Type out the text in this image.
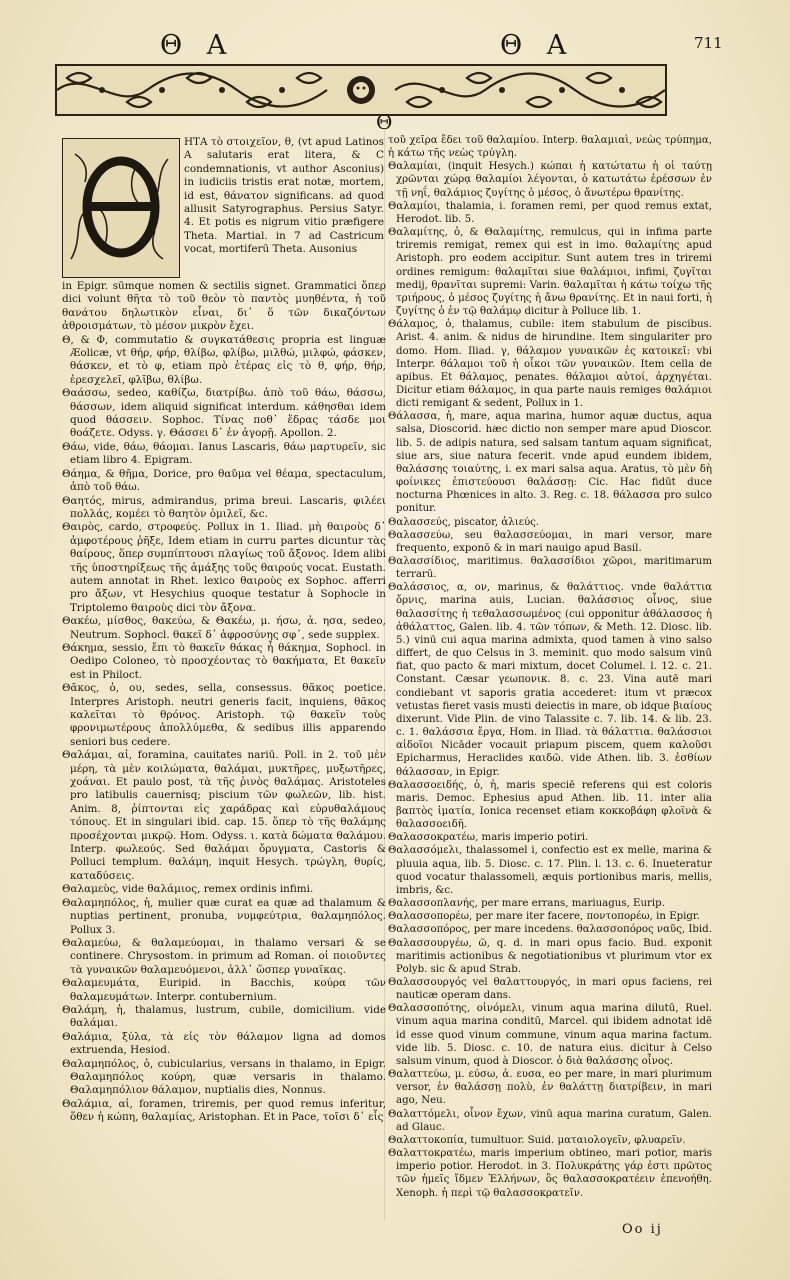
Θ Α	Θ Α	711
Θ
ΗΤΑ τὸ στοιχεῖον, θ, (vt apud Latinos A salutaris erat litera, & C condemnationis, vt author Asconius) in iudiciis tristis erat notæ, mortem, id est, θάνατον significans. ad quod allusit Satyrographus. Persius Satyr. 4. Et potis es nigrum vitio præfigere Theta. Martial. in 7 ad Castricum vocat, mortiferū Theta. Ausonius

in Epigr. sūmque nomen & sectilis signet. Grammatici ὅπερ dici volunt θῆτα τὸ τοῦ θεὸν τὸ παντὸς μυηθέντα, ἡ τοῦ θανάτου δηλωτικὸν εἶναι, δι᾽ ὅ τῶν δικαζόντων ἀθροισμάτων, τὸ μέσον μικρὸν ἔχει.

Θ, & Φ, commutatio & συγκατάθεσις propria est linguæ Æolicæ, vt θήρ, φήρ, θλίβω, φλίβω, μιλθώ, μιλφώ, φάσκεν, θάσκεν, et τὸ φ, etiam πρὸ ἑτέρας εἰς τὸ θ, φήρ, θήρ, ἐρεσχελεῖ, φλῖβω, θλίβω.

Θαάσσω, sedeo, καθίζω, διατρίβω. ἀπὸ τοῦ θάω, θάσσω, θάσσων, idem aliquid significat interdum. κάθησθαι idem quod θάσσειν. Sophoc. Τίνας ποθ᾽ ἕδρας τάσδε μοι θοάζετε. Odyss. γ. Θάσσει δ᾽ ἐν ἀγορῇ. Apollon. 2.

Θάω, vide, θάω, θάομαι. Ianus Lascaris, θάω μαρτυρεῖν, sic etiam libro 4. Epigram.

Θάημα, & θῆμα, Dorice, pro θαῦμα vel θέαμα, spectaculum, ἀπὸ τοῦ θάω.

Θαητός, mirus, admirandus, prima breui. Lascaris, φιλέει πολλάς, κομέει τὸ θαητὸν ὁμιλεῖ, &c.

Θαιρὸς, cardo, στροφεύς. Pollux in 1. Iliad. μὴ θαιροὺς δ᾽ ἀμφοτέρους ῥῆξε, Idem etiam in curru partes dicuntur τὰς θαίρους, ὅπερ συμπίπτουσι πλαγίως τοῦ ἄξονος. Idem alibi τῆς ὑποστηρίξεως τῆς ἁμάξης τοῦς θαιρούς vocat. Eustath. autem annotat in Rhet. lexico θαιροὺς ex Sophoc. afferri pro ἄξων, vt Hesychius quoque testatur à Sophocle in Triptolemo θαιροὺς dici τὸν ἄξονα.

Θακέω, μίσθος, θακεύω, & Θακέω, μ. ήσω, ἀ. ησα, sedeo, Neutrum. Sophocl. θακεῖ δ᾽ ἀφροσύνης σφ᾽, sede supplex.

Θάκημα, sessio, ἔπι τὸ θακεῖν θάκας ἦ θάκημα, Sophocl. in Oedipo Coloneo, τὸ προσχέοντας τὸ θακήματα, Et θακεῖν est in Philoct.

Θᾶκος, ὁ, ου, sedes, sella, consessus. θᾶκος poetice. Interpres Aristoph. neutri generis facit, inquiens, θᾶκος καλεῖται τὸ θρόνος. Aristoph. τῷ θακεῖν τοὺς φρονιμωτέρους ἀπολλύμεθα, & sedibus illis apparendo seniori bus cedere.

Θαλάμαι, αἱ, foramina, cauitates nariū. Poll. in 2. τοῦ μὲν μέρη, τὰ μὲν κοιλώματα, θαλάμαι, μυκτῆρες, μυξωτῆρες, χοάναι. Et paulo post, τὰ τῆς ῥινὸς θαλάμας. Aristoteles pro latibulis cauernisq; piscium τῶν φωλεῶν, lib. hist. Anim. 8, ῥίπτονται εἰς χαράδρας καὶ εὐρυθαλάμους τόπους. Et in singulari ibid. cap. 15. ὅπερ τὸ τῆς θαλάμης προσέχονται μικρῷ. Hom. Odyss. ι. κατὰ δώματα θαλάμου. Interp. φωλεούς. Sed θαλάμαι ὄρυγματα, Castoris & Polluci templum. θαλάμη, inquit Hesych. τρώγλη, θυρίς, καταδύσεις.

Θαλαμεὺς, vide θαλάμιος, remex ordinis infimi.

Θαλαμηπόλος, ἡ, mulier quæ curat ea quæ ad thalamum & nuptias pertinent, pronuba, νυμφεύτρια, θαλαμηπόλος. Pollux 3.

Θαλαμεύω, & θαλαμεύομαι, in thalamo versari & se continere. Chrysostom. in primum ad Roman. οἱ ποιοῦντες τὰ γυναικῶν θαλαμευόμενοι, ἀλλ᾽ ὥσπερ γυναῖκας.

Θαλαμευμάτα, Euripid. in Bacchis, κούρα τῶν θαλαμευμάτων. Interpr. contubernium.

Θαλάμη, ἡ, thalamus, lustrum, cubile, domicilium. vide θαλάμαι.

Θαλάμια, ξύλα, τὰ εἰς τὸν θάλαμον ligna ad domos extruenda, Hesiod.

Θαλαμηπόλος, ὁ, cubicularius, versans in thalamo, in Epigr. Θαλαμηπόλος κούρη, quæ versaris in thalamo. Θαλαμηπόλιον θάλαμον, nuptialis dies, Nonnus.

Θαλάμια, αἱ, foramen, triremis, per quod remus inferitur, ὅθεν ἡ κώπη, θαλαμίας, Aristophan. Et in Pace, τοῖσι δ᾽ εἷς

τοῦ χεῖρα ἔδει τοῦ θαλαμίου. Interp. θαλαμιαὶ, νεὼς τρύπημα, ἡ κάτω τῆς νεὼς τρύγλη.

Θαλαμίαι, (inquit Hesych.) κώπαι ἡ κατώτατω ἡ οἱ ταύτῃ χρῶνται χώρᾳ θαλαμίοι λέγονται, ὁ κατωτάτω ἐρέσσων ἐν τῇ νηΐ, θαλάμιος ζυγίτης ὁ μέσος, ὁ ἄνωτέρω θρανίτης.

Θαλαμίοι, thalamia, i. foramen remi, per quod remus extat, Herodot. lib. 5.

Θαλαμίτης, ὁ, & Θαλαμίτης, remulcus, qui in infima parte triremis remigat, remex qui est in imo. θαλαμίτης apud Aristoph. pro eodem accipitur. Sunt autem tres in triremi ordines remigum: θαλαμῖται siue θαλάμιοι, infimi, ζυγῖται medij, θρανῖται supremi: Varin. θαλαμῖται ἡ κάτω τοίχω τῆς τριήρους, ὁ μέσος ζυγίτης ἡ ἄνω θρανίτης. Et in naui forti, ἡ ζυγίτης ὁ ἐν τῷ θαλάμῳ dicitur à Polluce lib. 1.

Θάλαμος, ὁ, thalamus, cubile: item stabulum de piscibus. Arist. 4. anim. & nidus de hirundine. Item singulariter pro domo. Hom. Iliad. γ, θάλαμον γυναικῶν ἐς κατοικεῖ: vbi Interpr. θάλαμοι τοῦ ἡ οἶκοι τῶν γυναικῶν. Item cella de apibus. Et θάλαμος, penates. θάλαμοι αὐτοί, ἀρχηγέται. Dicitur etiam θάλαμος, in qua parte nauis remiges θαλάμιοι dicti remigant & sedent, Pollux in 1.

Θάλασσα, ἡ, mare, aqua marina, humor aquæ ductus, aqua salsa, Dioscorid. hæc dictio non semper mare apud Dioscor. lib. 5. de adipis natura, sed salsam tantum aquam significat, siue ars, siue natura fecerit. vnde apud eundem ibidem, θαλάσσης τοιαύτης, i. ex mari salsa aqua. Aratus, τὸ μὲν δὴ φοίνικες ἐπιστεύουσι θαλάσσῃ: Cic. Hac fidūt duce nocturna Phœnices in alto. 3. Reg. c. 18. θάλασσα pro sulco ponitur.

Θαλασσεύς, piscator, ἁλιεύς.

Θαλασσεύω, seu θαλασσεύομαι, in mari versor, mare frequento, exponō & in mari nauigo apud Basil.

Θαλασσίδιος, maritimus. θαλασσίδιοι χῶροι, maritimarum terrarū.

Θαλάσσιος, α, ον, marinus, & θαλάττιος. vnde θαλάττια ὄρνις, marina auis, Lucian. θαλάσσιος οἶνος, siue θαλασσίτης ἡ τεθαλασσωμένος (cui opponitur ἀθάλασσος ἡ ἀθάλαττος, Galen. lib. 4. τῶν τόπων, & Meth. 12. Diosc. lib. 5.) vinū cui aqua marina admixta, quod tamen à vino salso differt, de quo Celsus in 3. meminit. quo modo salsum vinū fiat, quo pacto & mari mixtum, docet Columel. l. 12. c. 21. Constant. Cæsar γεωπονικ. 8. c. 23. Vina autē mari condiebant vt saporis gratia accederet: itum vt præcox vetustas fieret vasis musti deiectis in mare, ob idque βιαίους dixerunt. Vide Plin. de vino Talassite c. 7. lib. 14. & lib. 23. c. 1. θαλάσσια ἔργα, Hom. in Iliad. τὰ θάλαττια. θαλάσσιοι αἰδοῖοι Nicāder vocauit priapum piscem, quem καλοῦσι Epicharmus, Heraclides καιδῶ. vide Athen. lib. 3. ἐσθίων θάλασσαν, in Epigr.

Θαλασσοειδής, ὁ, ἡ, maris speciē referens qui est coloris maris. Democ. Ephesius apud Athen. lib. 11. inter alia βαπτὸς ἱματία, Ionica recenset etiam κοκκοβάφη φλοϊνὰ & θαλασσοειδῆ.

Θαλασσοκρατέω, maris imperio potiri.

Θαλασσόμελι, thalassomel i, confectio est ex melle, marina & pluuia aqua, lib. 5. Diosc. c. 17. Plin. l. 13. c. 6. Inueteratur quod vocatur thalassomeli, æquis portionibus maris, mellis, imbris, &c.

Θαλασσοπλανής, per mare errans, mariuagus, Eurip.

Θαλασσοπορέω, per mare iter facere, ποντοπορέω, in Epigr.

Θαλασσοπόρος, per mare incedens. θαλασσοπόρος ναῦς, Ibid.

Θαλασσουργέω, ῶ, q. d. in mari opus facio. Bud. exponit maritimis actionibus & negotiationibus vt plurimum vtor ex Polyb. sic & apud Strab.

Θαλασσουργός vel θαλαττουργός, in mari opus faciens, rei nauticæ operam dans.

Θαλασσοπότης, οἰνόμελι, vinum aqua marina dilutū, Ruel. vinum aqua marina conditū, Marcel. qui ibidem adnotat idē id esse quod vinum commune, vinum aqua marina factum. vide lib. 5. Diosc. c. 10. de natura eius. dicitur à Celso salsum vinum, quod à Dioscor. ὁ διὰ θαλάσσης οἶνος.

Θαλαττεύω, μ. εύσω, ἀ. ευσα, eo per mare, in mari plurimum versor, ἐν θαλάσσῃ πολὺ, ἐν θαλάττῃ διατρίβειν, in mari ago, Neu.

Θαλαττόμελι, οἶνον ἔχων, vinū aqua marina curatum, Galen. ad Glauc.

Θαλαττοκοπία, tumultuor. Suid. ματαιολογεῖν, φλυαρεῖν.

Θαλαττοκρατέω, maris imperium obtineo, mari potior, maris imperio potior. Herodot. in 3. Πολυκράτης γάρ ἐστι πρῶτος τῶν ἡμεῖς ἴδμεν Ἑλλήνων, ὃς θαλασσοκρατέειν ἐπενοήθη. Xenoph. ἡ περὶ τῷ θαλασσοκρατεῖν.

Oo ij
